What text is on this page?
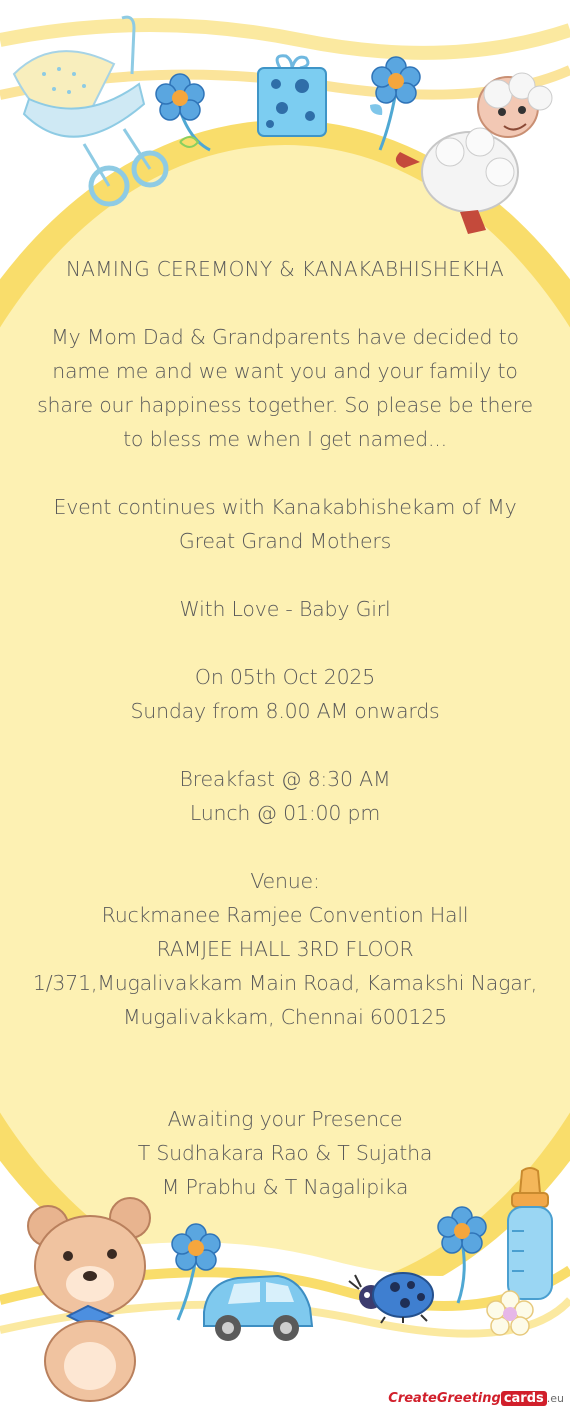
NAMING CEREMONY & KANAKABHISHEKHA

My Mom Dad & Grandparents have decided to

name me and we want you and your family to

share our happiness together. So please be there

to bless me when I get named...

Event continues with Kanakabhishekam of My

Great Grand Mothers

With Love - Baby Girl

On 05th Oct 2025

Sunday from 8.00 AM onwards

Breakfast @ 8:30 AM

Lunch @ 01:00 pm

Venue:

Ruckmanee Ramjee Convention Hall

RAMJEE HALL 3RD FLOOR

1/371,Mugalivakkam Main Road, Kamakshi Nagar,

Mugalivakkam, Chennai 600125

Awaiting your Presence

T Sudhakara Rao & T Sujatha

M Prabhu & T Nagalipika

CreateGreeting cards .eu
